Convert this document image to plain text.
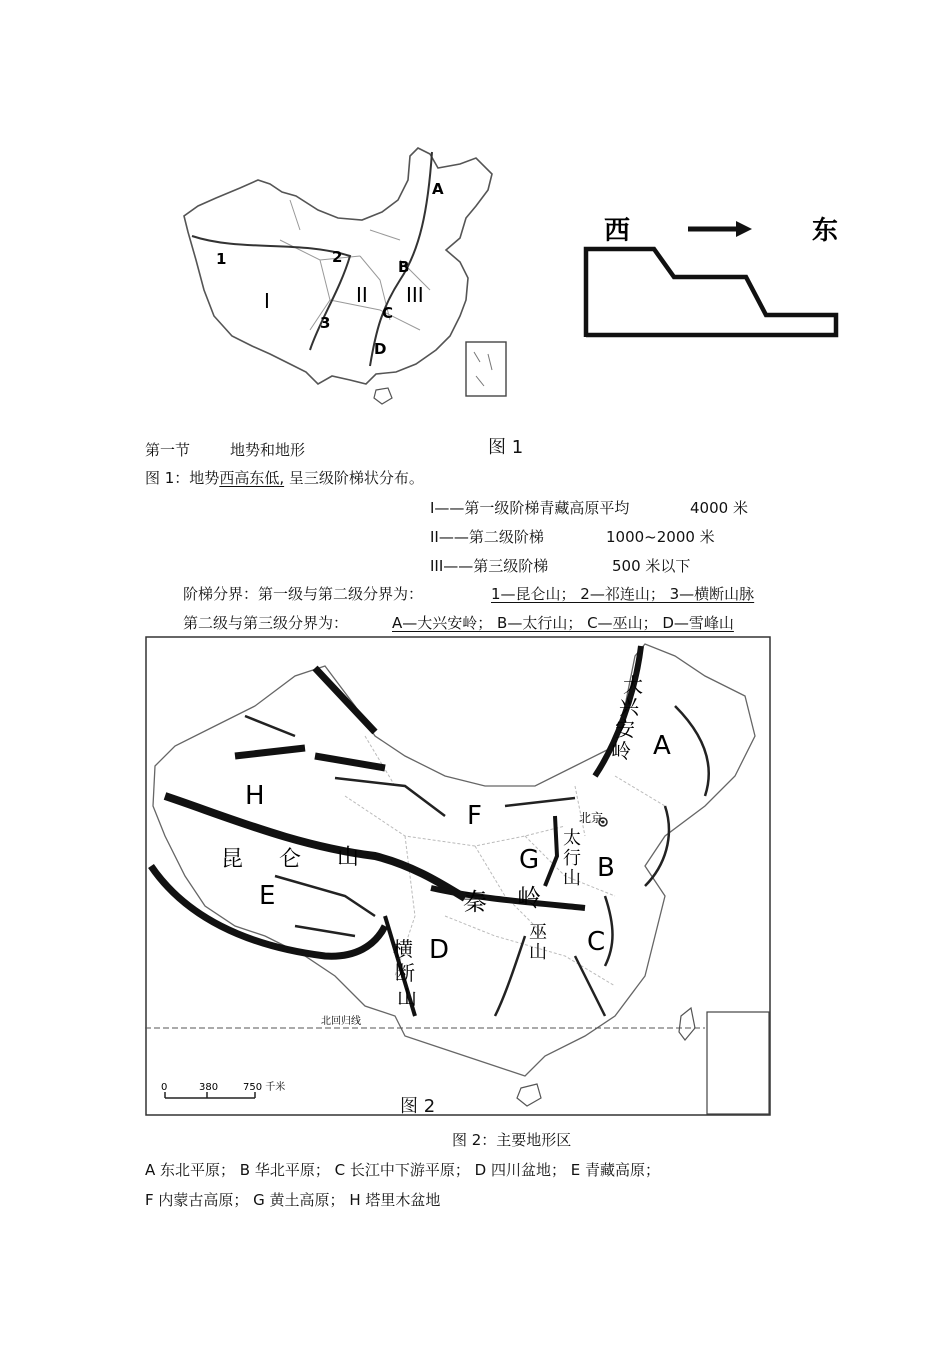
1	2
3
A
B
C
D
I	II III
西	东
图 1
第一节	地势和地形
图 1：地势西高东低, 呈三级阶梯状分布。
I——第一级阶梯青藏高原平均	4000 米
II——第二级阶梯	1000~2000 米
III——第三级阶梯	500 米以下
阶梯分界：第一级与第二级分界为：	1—昆仑山； 2—祁连山； 3—横断山脉
第二级与第三级分界为：	A—大兴安岭； B—太行山； C—巫山； D—雪峰山
A
B
C
D
E
F
G
H
大
兴
安
岭
昆 仑 山
秦 岭
太
行
山
巫
山
横
断
山
北京
北回归线
0	380 750 千米
图 2
图 2：主要地形区
A 东北平原； B 华北平原； C 长江中下游平原； D 四川盆地； E 青藏高原；
F 内蒙古高原； G 黄土高原； H 塔里木盆地
